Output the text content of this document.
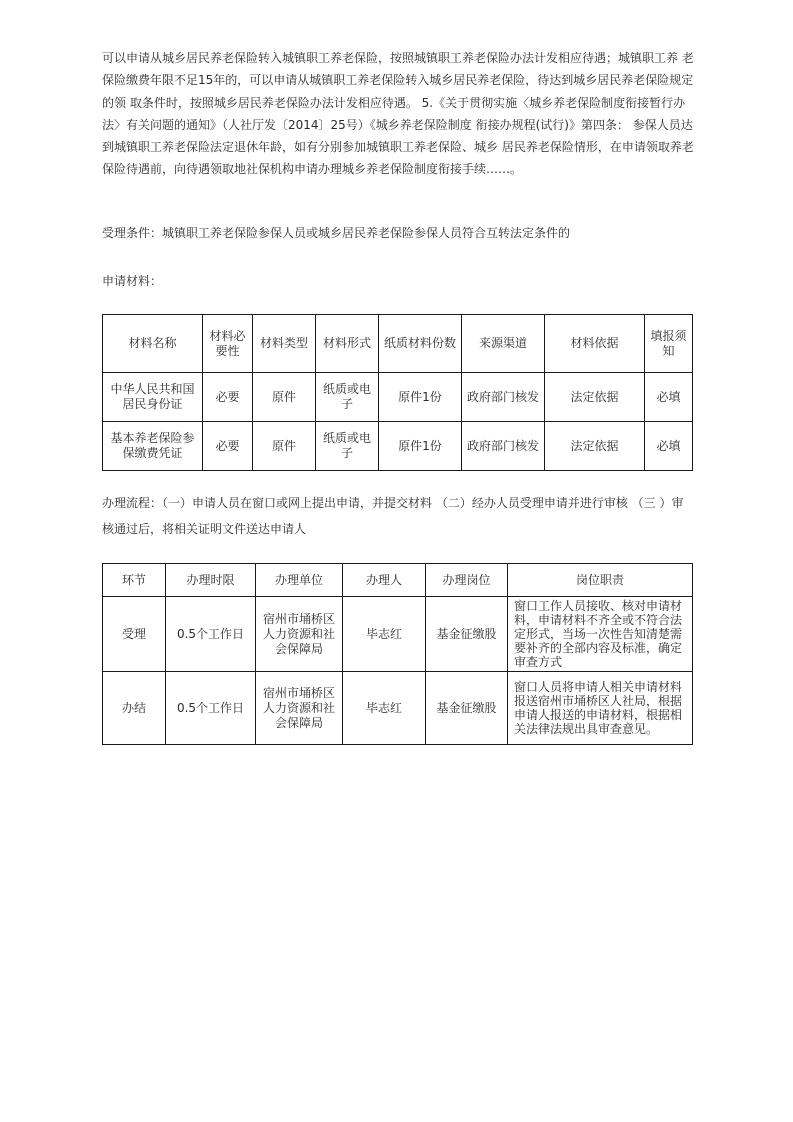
可以申请从城乡居民养老保险转入城镇职工养老保险，按照城镇职工养老保险办法计发相应待遇；城镇职工养 老保险缴费年限不足15年的，可以申请从城镇职工养老保险转入城乡居民养老保险，待达到城乡居民养老保险规定的领 取条件时，按照城乡居民养老保险办法计发相应待遇。 5.《关于贯彻实施〈城乡养老保险制度衔接暂行办法〉有关问题的通知》（人社厅发〔2014〕25号）《城乡养老保险制度 衔接办规程(试行)》第四条： 参保人员达到城镇职工养老保险法定退休年龄，如有分别参加城镇职工养老保险、城乡 居民养老保险情形，在申请领取养老保险待遇前，向待遇领取地社保机构申请办理城乡养老保险制度衔接手续……。

受理条件：城镇职工养老保险参保人员或城乡居民养老保险参保人员符合互转法定条件的

申请材料：

材料名称	材料必要性	材料类型	材料形式	纸质材料份数	来源渠道	材料依据	填报须知
中华人民共和国居民身份证	必要	原件	纸质或电子	原件1份	政府部门核发	法定依据	必填
基本养老保险参保缴费凭证	必要	原件	纸质或电子	原件1份	政府部门核发	法定依据	必填

办理流程：（一）申请人员在窗口或网上提出申请，并提交材料 （二）经办人员受理申请并进行审核 （三 ）审核通过后，将相关证明文件送达申请人

环节	办理时限	办理单位	办理人	办理岗位	岗位职责
受理	0.5个工作日	宿州市埇桥区人力资源和社会保障局	毕志红	基金征缴股	窗口工作人员接收、核对申请材料，申请材料不齐全或不符合法定形式，当场一次性告知清楚需要补齐的全部内容及标准，确定审查方式
办结	0.5个工作日	宿州市埇桥区人力资源和社会保障局	毕志红	基金征缴股	窗口人员将申请人相关申请材料报送宿州市埇桥区人社局，根据申请人报送的申请材料，根据相关法律法规出具审查意见。
